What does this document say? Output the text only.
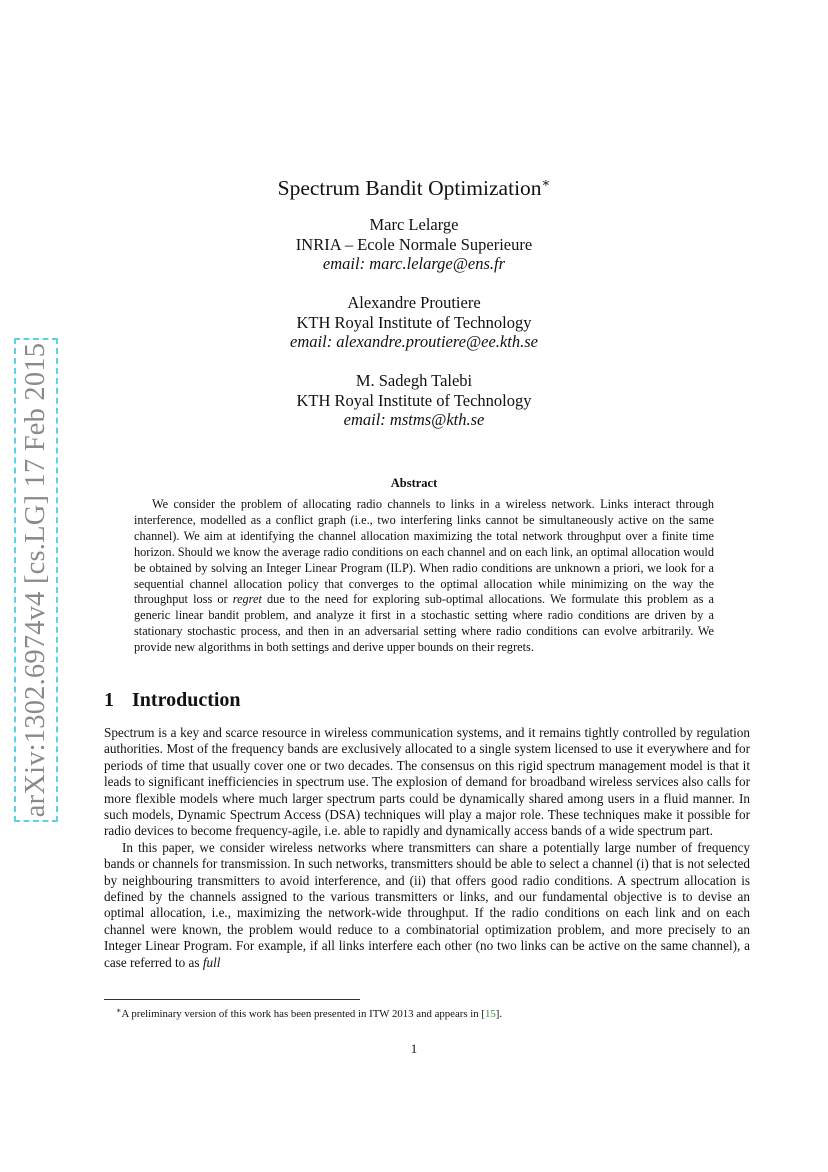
arXiv:1302.6974v4 [cs.LG] 17 Feb 2015
Spectrum Bandit Optimization∗
Marc Lelarge
INRIA – Ecole Normale Superieure
email: marc.lelarge@ens.fr
Alexandre Proutiere
KTH Royal Institute of Technology
email: alexandre.proutiere@ee.kth.se
M. Sadegh Talebi
KTH Royal Institute of Technology
email: mstms@kth.se
Abstract
We consider the problem of allocating radio channels to links in a wireless network. Links interact through interference, modelled as a conflict graph (i.e., two interfering links cannot be simultaneously active on the same channel). We aim at identifying the channel allocation maximizing the total network throughput over a finite time horizon. Should we know the average radio conditions on each channel and on each link, an optimal allocation would be obtained by solving an Integer Linear Program (ILP). When radio conditions are unknown a priori, we look for a sequential channel allocation policy that converges to the optimal allocation while minimizing on the way the throughput loss or regret due to the need for exploring sub-optimal allocations. We formulate this problem as a generic linear bandit problem, and analyze it first in a stochastic setting where radio conditions are driven by a stationary stochastic process, and then in an adversarial setting where radio conditions can evolve arbitrarily. We provide new algorithms in both settings and derive upper bounds on their regrets.
1 Introduction

Spectrum is a key and scarce resource in wireless communication systems, and it remains tightly controlled by regulation authorities. Most of the frequency bands are exclusively allocated to a single system licensed to use it everywhere and for periods of time that usually cover one or two decades. The consensus on this rigid spectrum management model is that it leads to significant inefficiencies in spectrum use. The explosion of demand for broadband wireless services also calls for more flexible models where much larger spectrum parts could be dynamically shared among users in a fluid manner. In such models, Dynamic Spectrum Access (DSA) techniques will play a major role. These techniques make it possible for radio devices to become frequency-agile, i.e. able to rapidly and dynamically access bands of a wide spectrum part.

In this paper, we consider wireless networks where transmitters can share a potentially large number of frequency bands or channels for transmission. In such networks, transmitters should be able to select a channel (i) that is not selected by neighbouring transmitters to avoid interference, and (ii) that offers good radio conditions. A spectrum allocation is defined by the channels assigned to the various transmitters or links, and our fundamental objective is to devise an optimal allocation, i.e., maximizing the network-wide throughput. If the radio conditions on each link and on each channel were known, the problem would reduce to a combinatorial optimization problem, and more precisely to an Integer Linear Program. For example, if all links interfere each other (no two links can be active on the same channel), a case referred to as full

∗A preliminary version of this work has been presented in ITW 2013 and appears in [15].
1
